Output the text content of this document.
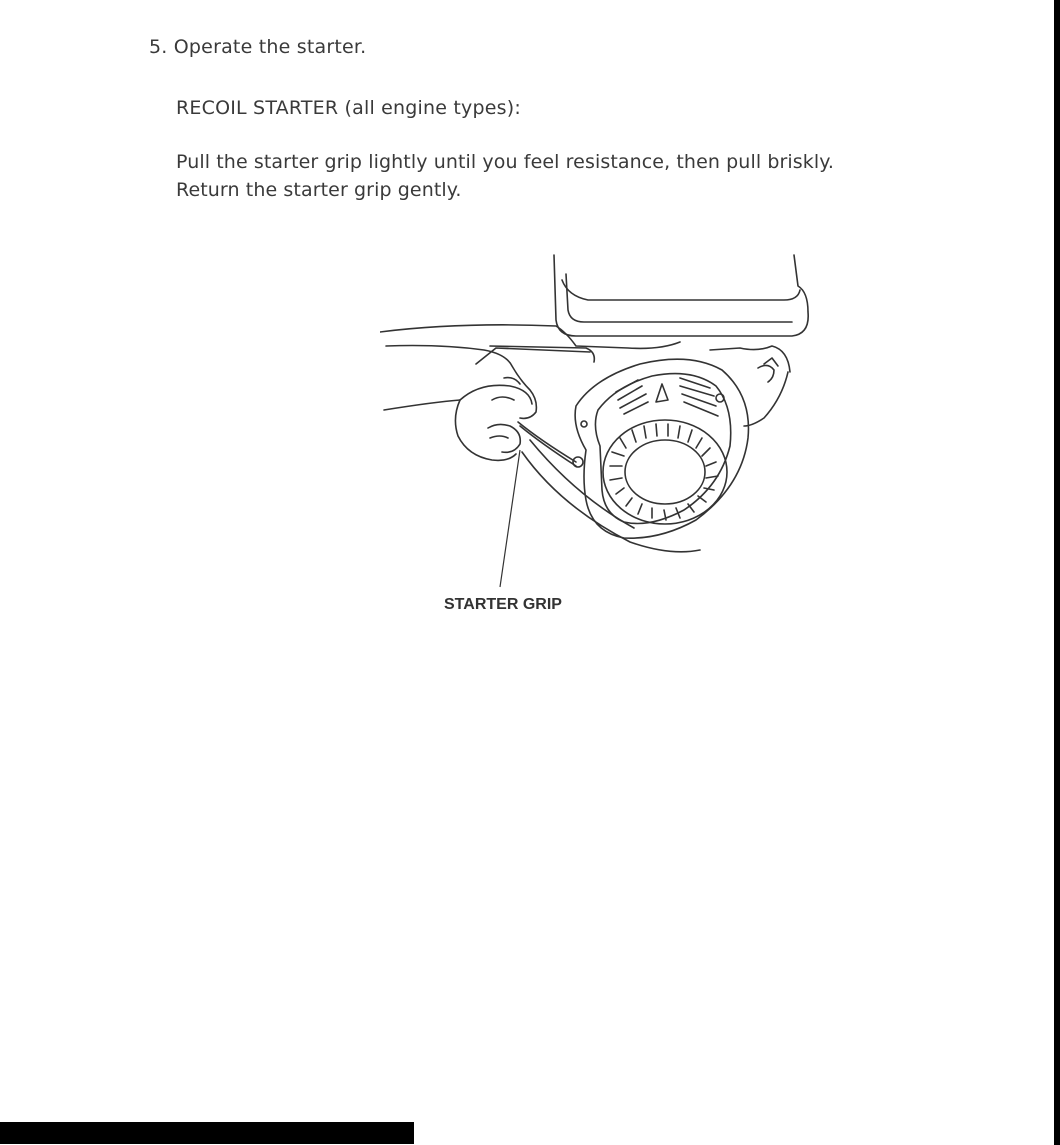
5. Operate the starter.
RECOIL STARTER (all engine types):
Pull the starter grip lightly until you feel resistance, then pull briskly.
Return the starter grip gently.
STARTER GRIP
